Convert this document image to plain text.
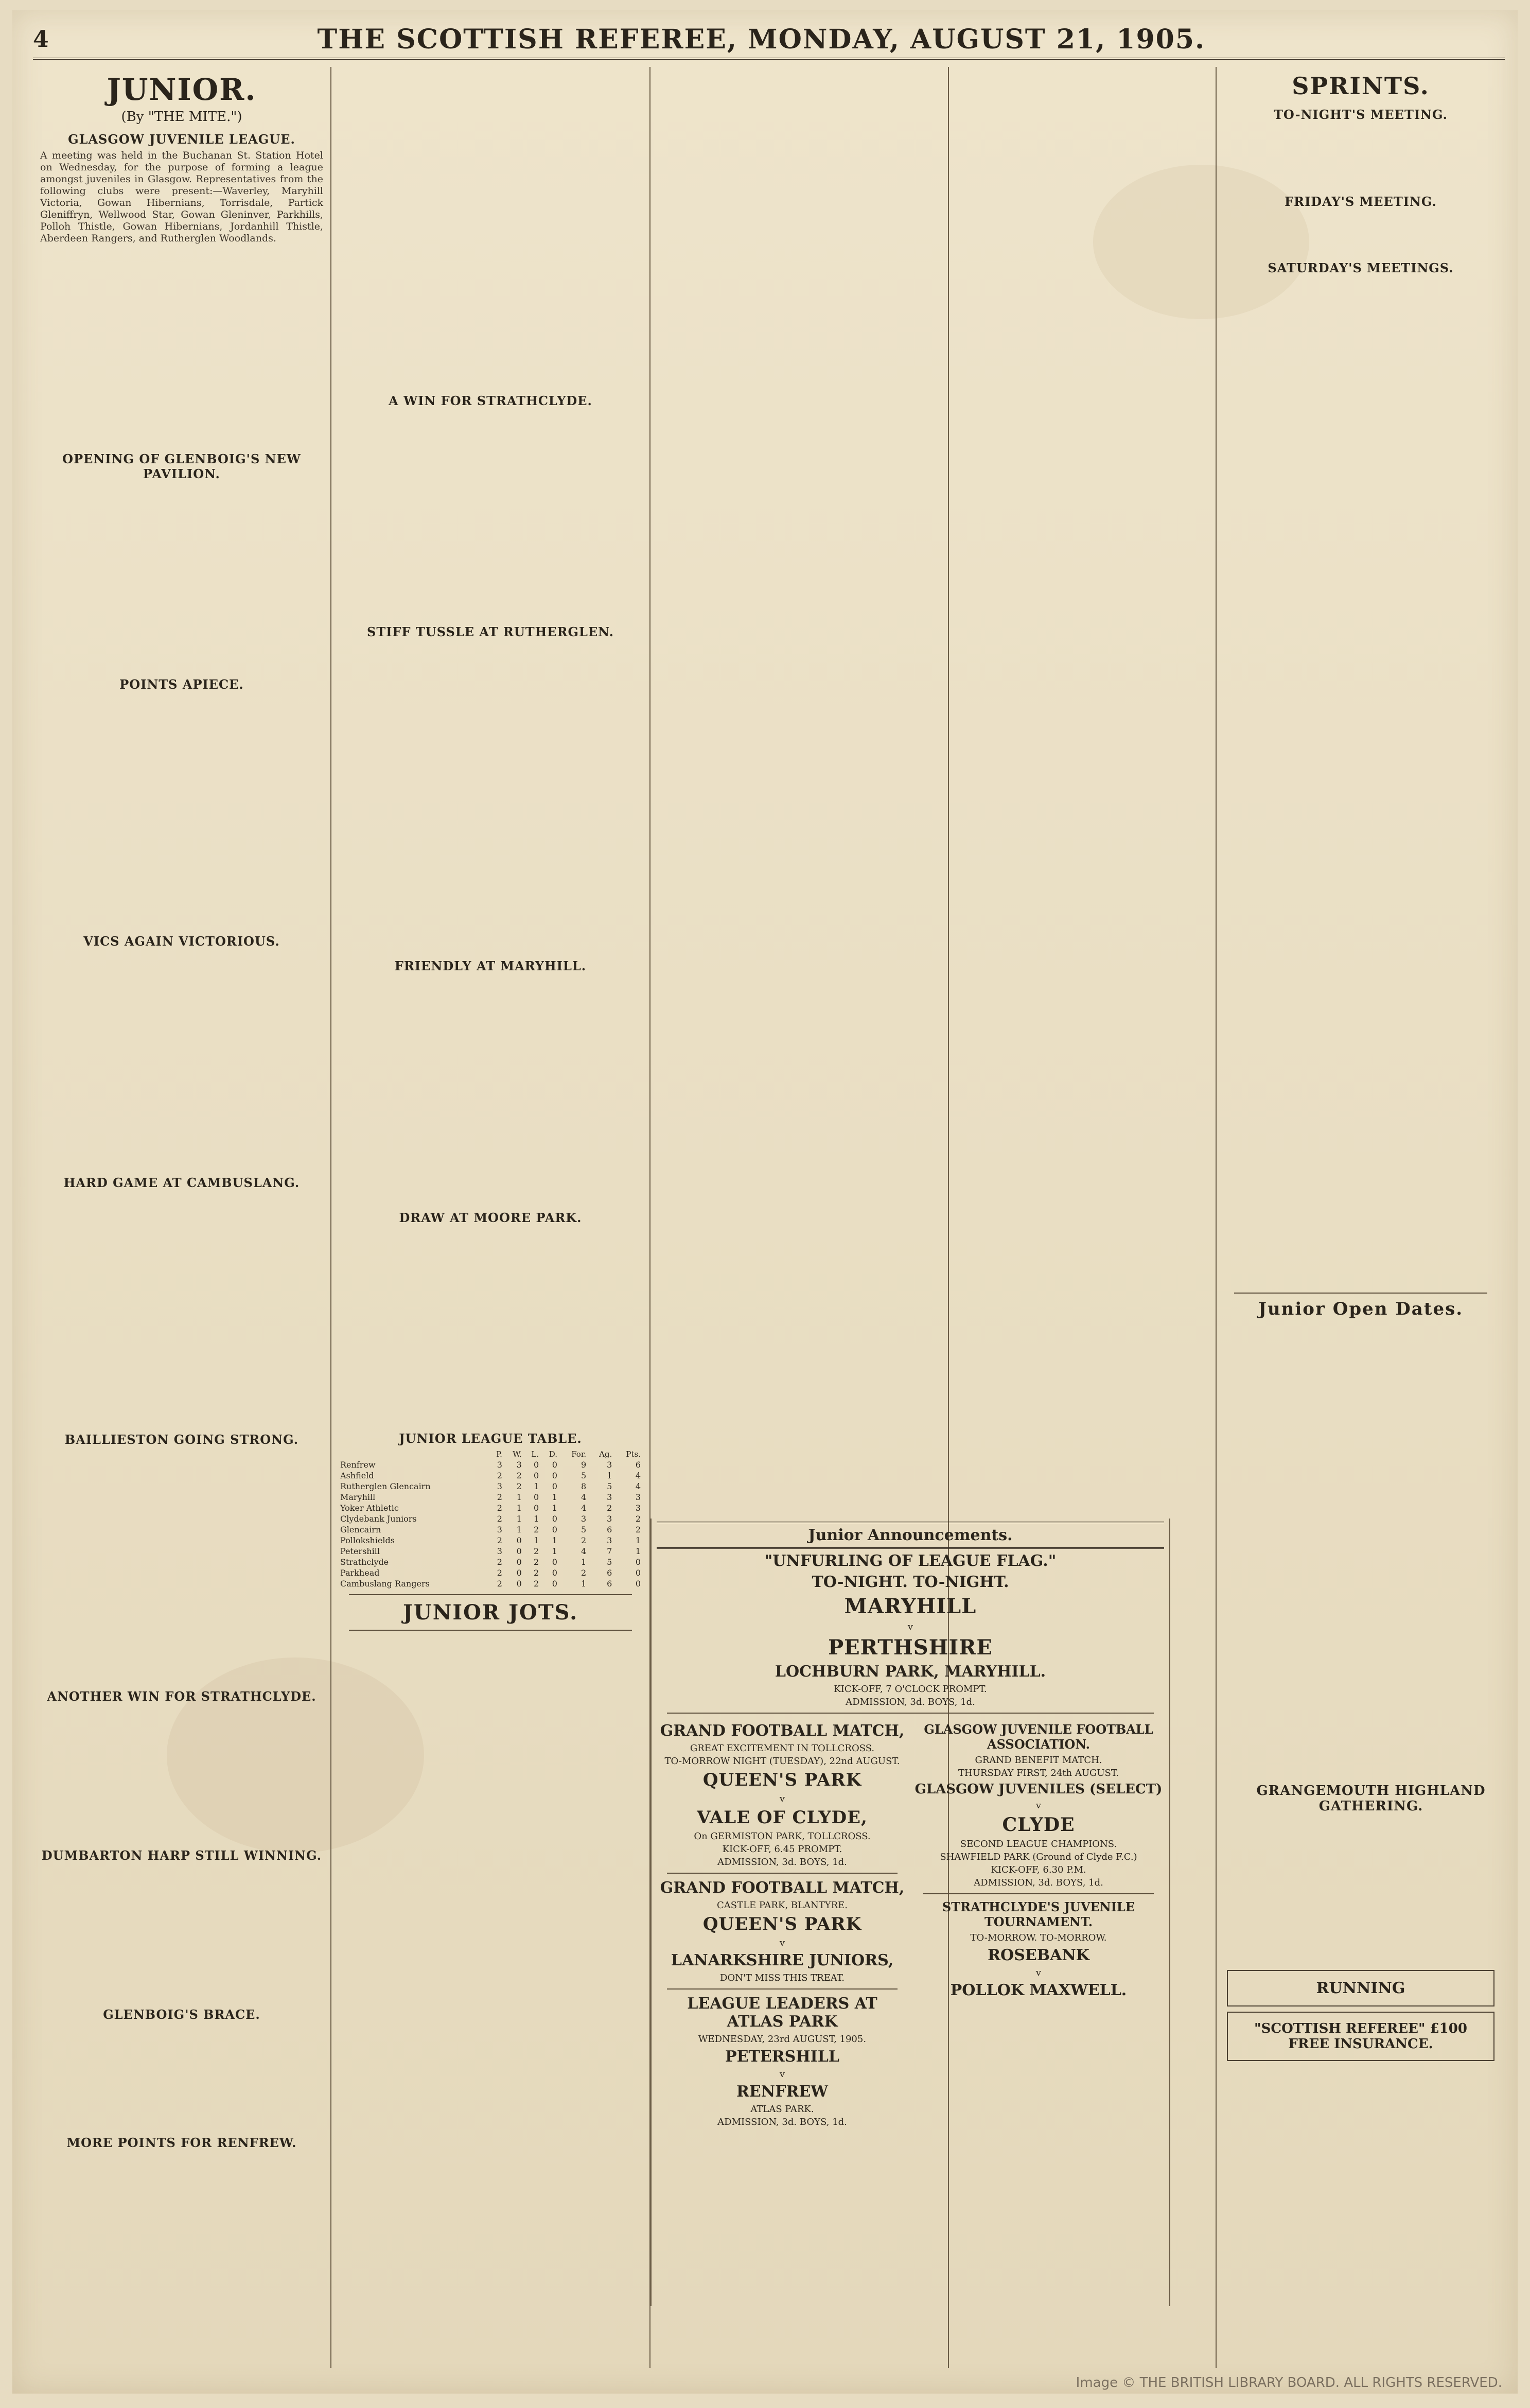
4	THE SCOTTISH REFEREE, MONDAY, AUGUST 21, 1905.
JUNIOR.
(By "THE MITE.")
GLASGOW JUVENILE LEAGUE.

A meeting was held in the Buchanan St. Station Hotel on Wednesday, for the purpose of forming a league amongst juveniles in Glasgow. Representatives from the following clubs were present:—Waverley, Maryhill Victoria, Gowan Hibernians, Torrisdale, Partick Gleniffryn, Wellwood Star, Gowan Gleninver, Parkhills, Polloh Thistle, Gowan Hibernians, Jordanhill Thistle, Aberdeen Rangers, and Rutherglen Woodlands.

OPENING OF GLENBOIG'S NEW PAVILION.
POINTS APIECE.
VICS AGAIN VICTORIOUS.
HARD GAME AT CAMBUSLANG.
BAILLIESTON GOING STRONG.
ANOTHER WIN FOR STRATHCLYDE.
DUMBARTON HARP STILL WINNING.
GLENBOIG'S BRACE.
MORE POINTS FOR RENFREW.
A WIN FOR STRATHCLYDE.
STIFF TUSSLE AT RUTHERGLEN.
FRIENDLY AT MARYHILL.
DRAW AT MOORE PARK.
JUNIOR LEAGUE TABLE.
	P.	W.	L.	D.	For.	Ag.	Pts.
Renfrew	3	3	0	0	9	3	6
Ashfield	2	2	0	0	5	1	4
Rutherglen Glencairn	3	2	1	0	8	5	4
Maryhill	2	1	0	1	4	3	3
Yoker Athletic	2	1	0	1	4	2	3
Clydebank Juniors	2	1	1	0	3	3	2
Glencairn	3	1	2	0	5	6	2
Pollokshields	2	0	1	1	2	3	1
Petershill	3	0	2	1	4	7	1
Strathclyde	2	0	2	0	1	5	0
Parkhead	2	0	2	0	2	6	0
Cambuslang Rangers	2	0	2	0	1	6	0
JUNIOR JOTS.
SPRINTS.
TO-NIGHT'S MEETING.
FRIDAY'S MEETING.
SATURDAY'S MEETINGS.
Junior Open Dates.
RUNNING
"SCOTTISH REFEREE" £100 FREE INSURANCE.
Junior Announcements.
"UNFURLING OF LEAGUE FLAG."
TO-NIGHT. TO-NIGHT.
MARYHILL
v
PERTHSHIRE
LOCHBURN PARK, MARYHILL.
KICK-OFF, 7 O'CLOCK PROMPT.
ADMISSION, 3d. BOYS, 1d.
GRAND FOOTBALL MATCH,
GREAT EXCITEMENT IN TOLLCROSS.
TO-MORROW NIGHT (TUESDAY), 22nd AUGUST.
QUEEN'S PARK
v
VALE OF CLYDE,
On GERMISTON PARK, TOLLCROSS.
KICK-OFF, 6.45 PROMPT.
ADMISSION, 3d. BOYS, 1d.
GRAND FOOTBALL MATCH,
CASTLE PARK, BLANTYRE.
QUEEN'S PARK
v
LANARKSHIRE JUNIORS,
DON'T MISS THIS TREAT.
LEAGUE LEADERS AT ATLAS PARK
WEDNESDAY, 23rd AUGUST, 1905.
PETERSHILL
v
RENFREW
ATLAS PARK.
ADMISSION, 3d. BOYS, 1d.
GLASGOW JUVENILE FOOTBALL ASSOCIATION.
GRAND BENEFIT MATCH.
THURSDAY FIRST, 24th AUGUST.
GLASGOW JUVENILES (SELECT)
v
CLYDE
SECOND LEAGUE CHAMPIONS.
SHAWFIELD PARK (Ground of Clyde F.C.)
KICK-OFF, 6.30 P.M.
ADMISSION, 3d. BOYS, 1d.
STRATHCLYDE'S JUVENILE TOURNAMENT.
TO-MORROW. TO-MORROW.
ROSEBANK
v
POLLOK MAXWELL.
GRANGEMOUTH HIGHLAND GATHERING.
Image © THE BRITISH LIBRARY BOARD. ALL RIGHTS RESERVED.
